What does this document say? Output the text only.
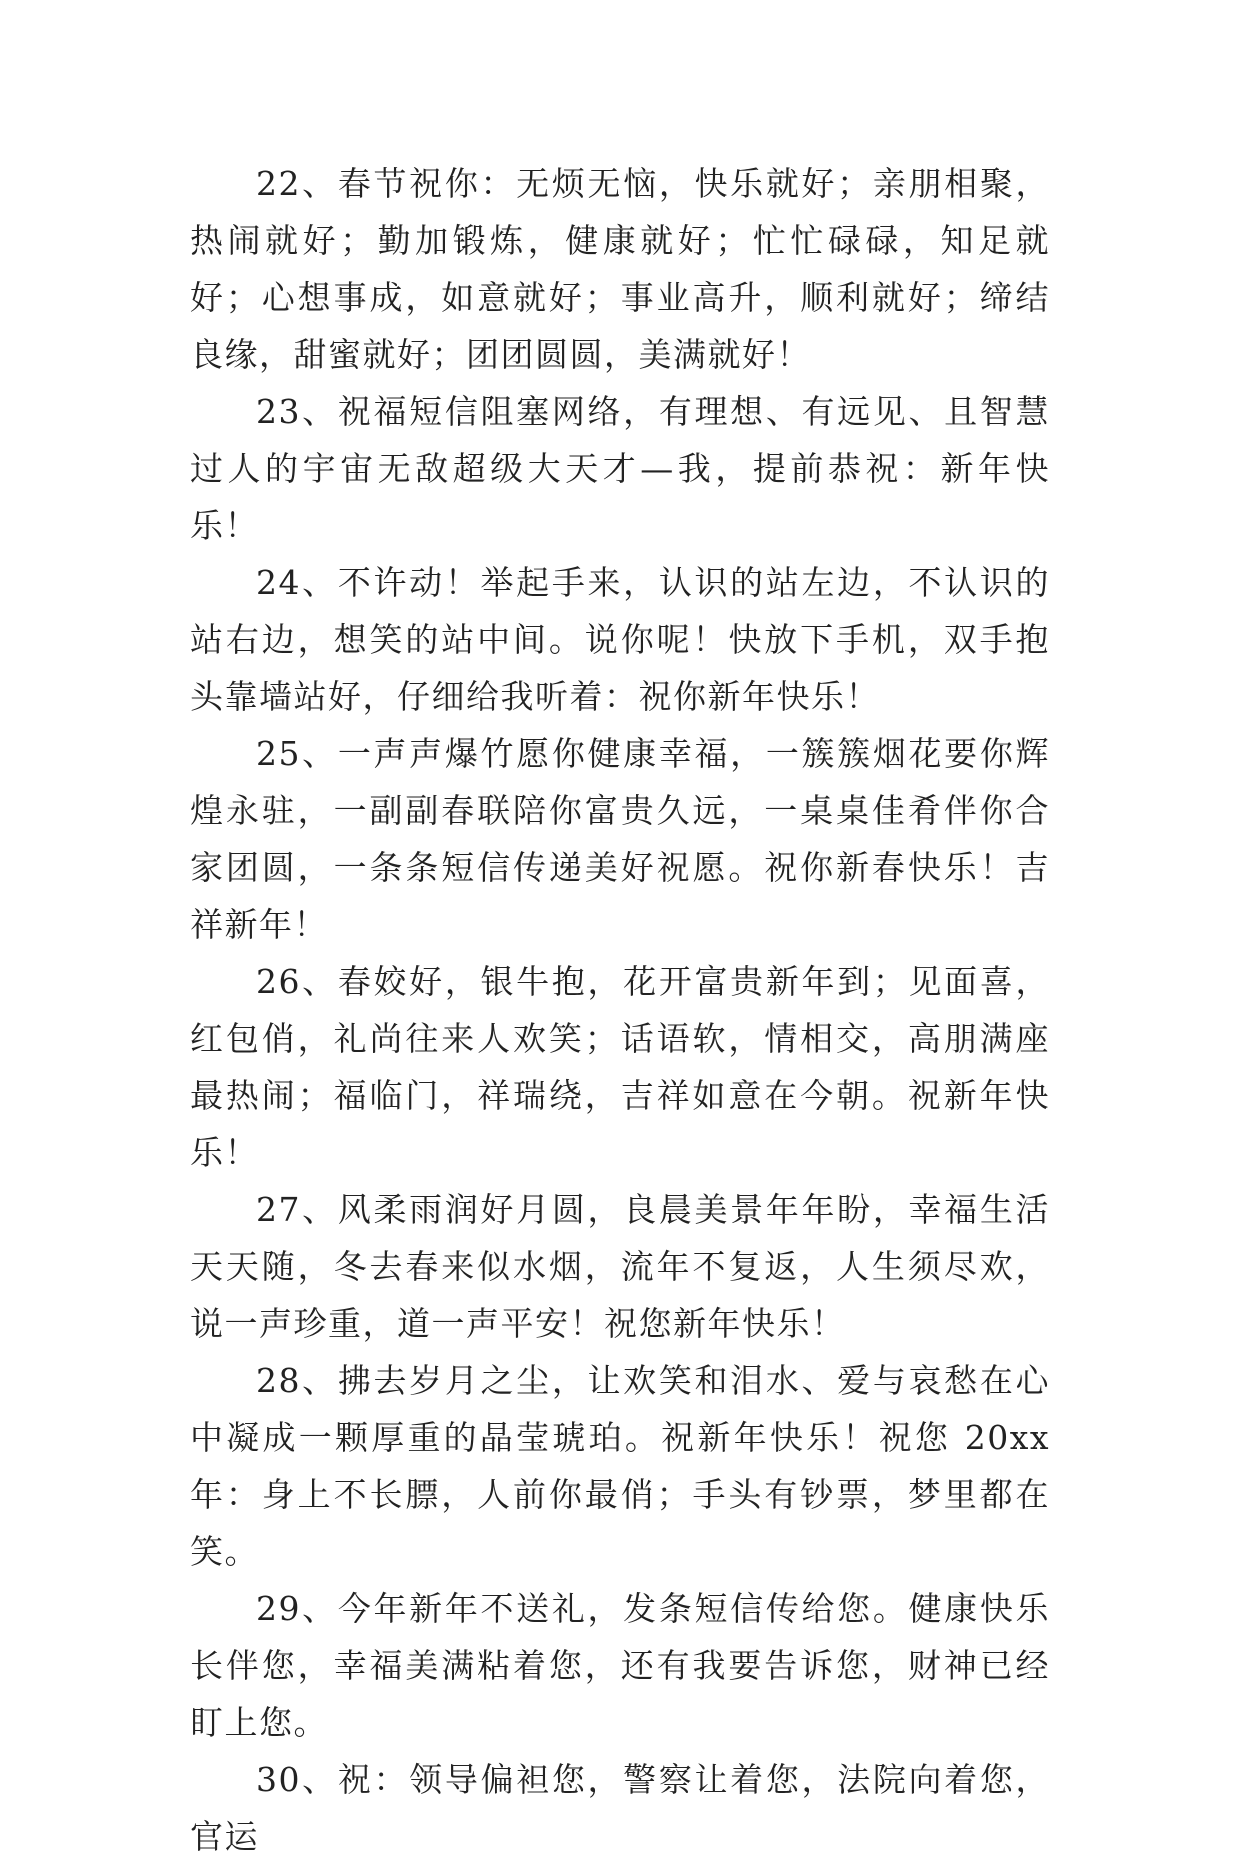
22、春节祝你：无烦无恼，快乐就好；亲朋相聚，热闹就好；勤加锻炼，健康就好；忙忙碌碌，知足就好；心想事成，如意就好；事业高升，顺利就好；缔结良缘，甜蜜就好；团团圆圆，美满就好！

23、祝福短信阻塞网络，有理想、有远见、且智慧过人的宇宙无敌超级大天才—我，提前恭祝：新年快乐！

24、不许动！举起手来，认识的站左边，不认识的站右边，想笑的站中间。说你呢！快放下手机，双手抱头靠墙站好，仔细给我听着：祝你新年快乐！

25、一声声爆竹愿你健康幸福，一簇簇烟花要你辉煌永驻，一副副春联陪你富贵久远，一桌桌佳肴伴你合家团圆，一条条短信传递美好祝愿。祝你新春快乐！吉祥新年！

26、春姣好，银牛抱，花开富贵新年到；见面喜，红包俏，礼尚往来人欢笑；话语软，情相交，高朋满座最热闹；福临门，祥瑞绕，吉祥如意在今朝。祝新年快乐！

27、风柔雨润好月圆，良晨美景年年盼，幸福生活天天随，冬去春来似水烟，流年不复返，人生须尽欢，说一声珍重，道一声平安！祝您新年快乐！

28、拂去岁月之尘，让欢笑和泪水、爱与哀愁在心中凝成一颗厚重的晶莹琥珀。祝新年快乐！祝您 20xx 年：身上不长膘，人前你最俏；手头有钞票，梦里都在笑。

29、今年新年不送礼，发条短信传给您。健康快乐长伴您，幸福美满粘着您，还有我要告诉您，财神已经盯上您。

30、祝：领导偏袒您，警察让着您，法院向着您，官运
